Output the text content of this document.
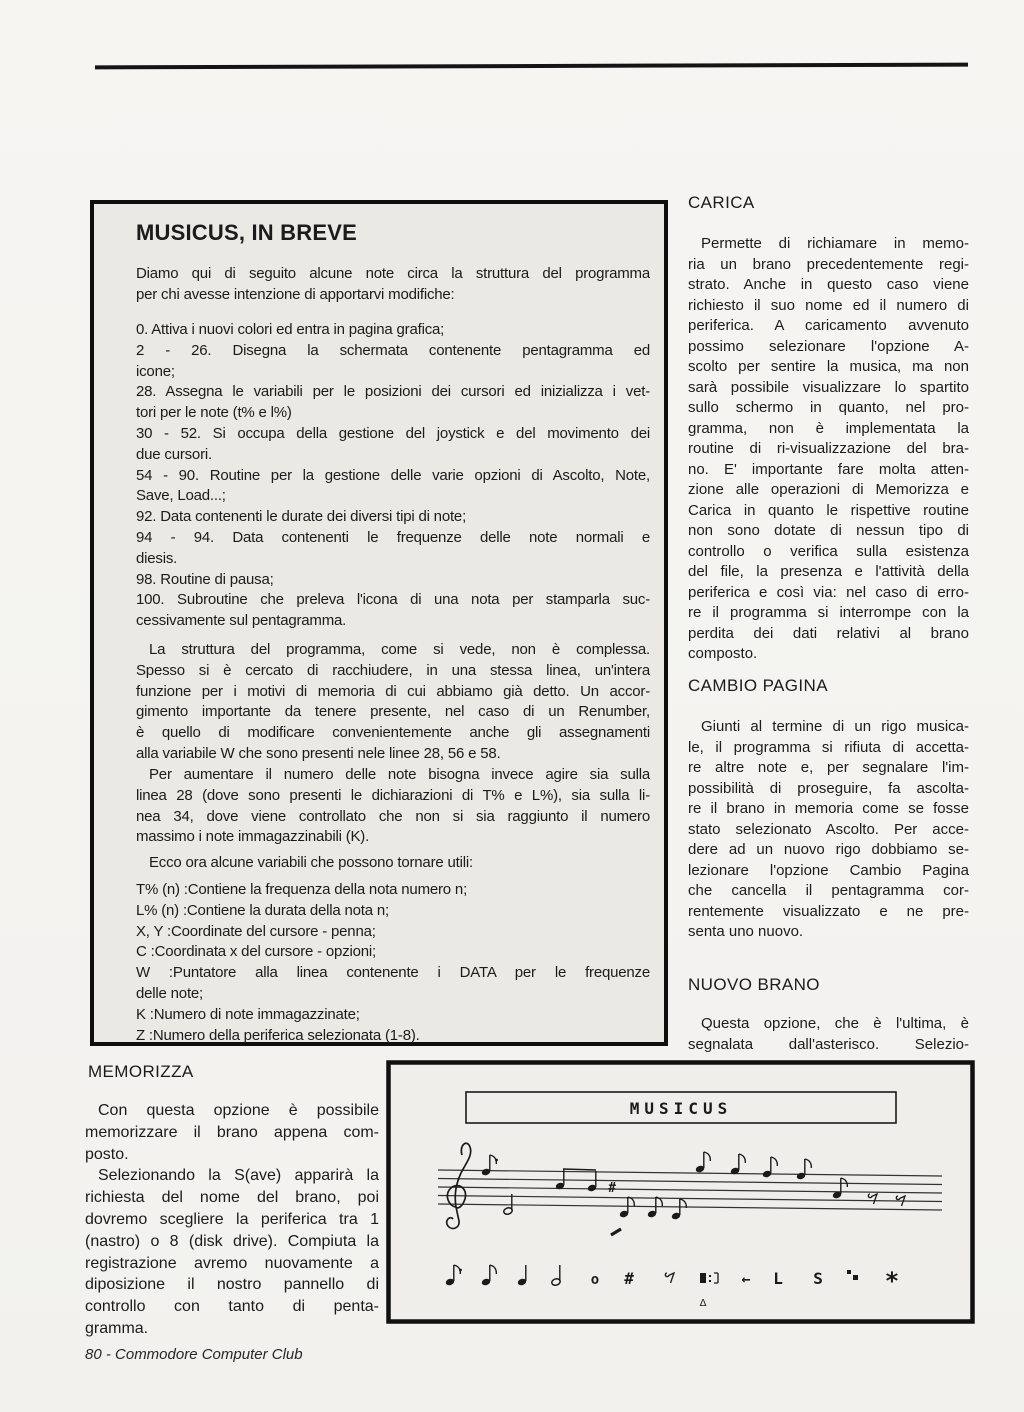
MUSICUS, IN BREVE
Diamo qui di seguito alcune note circa la struttura del programma
per chi avesse intenzione di apportarvi modifiche:
0. Attiva i nuovi colori ed entra in pagina grafica;
2 - 26. Disegna la schermata contenente pentagramma ed
icone;
28. Assegna le variabili per le posizioni dei cursori ed inizializza i vet-
tori per le note (t% e l%)
30 - 52. Si occupa della gestione del joystick e del movimento dei
due cursori.
54 - 90. Routine per la gestione delle varie opzioni di Ascolto, Note,
Save, Load...;
92. Data contenenti le durate dei diversi tipi di note;
94 - 94. Data contenenti le frequenze delle note normali e
diesis.
98. Routine di pausa;
100. Subroutine che preleva l'icona di una nota per stamparla suc-
cessivamente sul pentagramma.
La struttura del programma, come si vede, non è complessa.
Spesso si è cercato di racchiudere, in una stessa linea, un'intera
funzione per i motivi di memoria di cui abbiamo già detto. Un accor-
gimento importante da tenere presente, nel caso di un Renumber,
è quello di modificare convenientemente anche gli assegnamenti
alla variabile W che sono presenti nele linee 28, 56 e 58.
Per aumentare il numero delle note bisogna invece agire sia sulla
linea 28 (dove sono presenti le dichiarazioni di T% e L%), sia sulla li-
nea 34, dove viene controllato che non si sia raggiunto il numero
massimo i note immagazzinabili (K).
Ecco ora alcune variabili che possono tornare utili:
T% (n) :Contiene la frequenza della nota numero n;
L% (n) :Contiene la durata della nota n;
X, Y :Coordinate del cursore - penna;
C :Coordinata x del cursore - opzioni;
W :Puntatore alla linea contenente i DATA per le frequenze
delle note;
K :Numero di note immagazzinate;
Z :Numero della periferica selezionata (1-8).
CARICA
Permette di richiamare in memo-
ria un brano precedentemente regi-
strato. Anche in questo caso viene
richiesto il suo nome ed il numero di
periferica. A caricamento avvenuto
possimo selezionare l'opzione A-
scolto per sentire la musica, ma non
sarà possibile visualizzare lo spartito
sullo schermo in quanto, nel pro-
gramma, non è implementata la
routine di ri-visualizzazione del bra-
no. E' importante fare molta atten-
zione alle operazioni di Memorizza e
Carica in quanto le rispettive routine
non sono dotate di nessun tipo di
controllo o verifica sulla esistenza
del file, la presenza e l'attività della
periferica e così via: nel caso di erro-
re il programma si interrompe con la
perdita dei dati relativi al brano
composto.
CAMBIO PAGINA
Giunti al termine di un rigo musica-
le, il programma si rifiuta di accetta-
re altre note e, per segnalare l'im-
possibilità di proseguire, fa ascolta-
re il brano in memoria come se fosse
stato selezionato Ascolto. Per acce-
dere ad un nuovo rigo dobbiamo se-
lezionare l'opzione Cambio Pagina
che cancella il pentagramma cor-
rentemente visualizzato e ne pre-
senta uno nuovo.
NUOVO BRANO
Questa opzione, che è l'ultima, è
segnalata dall'asterisco. Selezio-
MEMORIZZA
Con questa opzione è possibile
memorizzare il brano appena com-
posto.
Selezionando la S(ave) apparirà la
richiesta del nome del brano, poi
dovremo scegliere la periferica tra 1
(nastro) o 8 (disk drive). Compiuta la
registrazione avremo nuovamente a
diposizione il nostro pannello di
controllo con tanto di penta-
gramma.
MUSICUS
#
o #	← L S	*
Δ
80 - Commodore Computer Club
